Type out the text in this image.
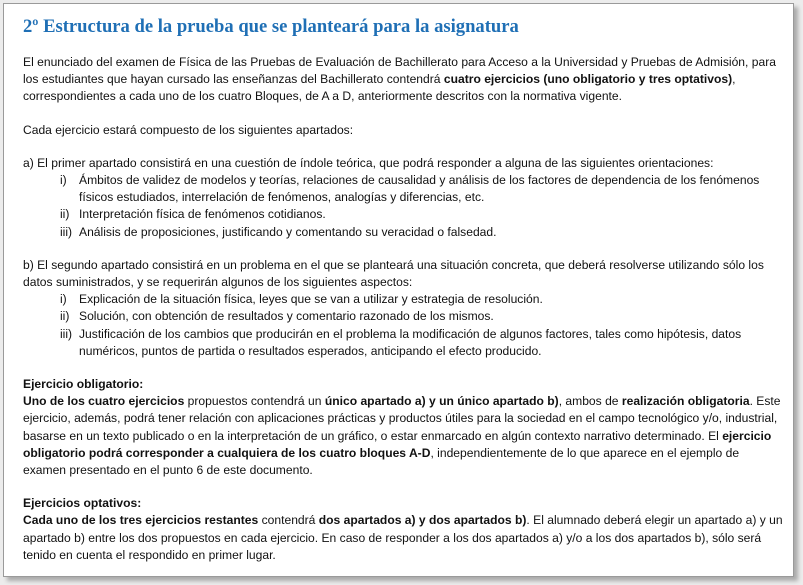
2º Estructura de la prueba que se planteará para la asignatura

El enunciado del examen de Física de las Pruebas de Evaluación de Bachillerato para Acceso a la Universidad y Pruebas de Admisión, para los estudiantes que hayan cursado las enseñanzas del Bachillerato contendrá cuatro ejercicios (uno obligatorio y tres optativos), correspondientes a cada uno de los cuatro Bloques, de A a D, anteriormente descritos con la normativa vigente.

Cada ejercicio estará compuesto de los siguientes apartados:

a) El primer apartado consistirá en una cuestión de índole teórica, que podrá responder a alguna de las siguientes orientaciones:

i)	Ámbitos de validez de modelos y teorías, relaciones de causalidad y análisis de los factores de dependencia de los fenómenos físicos estudiados, interrelación de fenómenos, analogías y diferencias, etc.
ii) Interpretación física de fenómenos cotidianos.
iii) Análisis de proposiciones, justificando y comentando su veracidad o falsedad.

b) El segundo apartado consistirá en un problema en el que se planteará una situación concreta, que deberá resolverse utilizando sólo los datos suministrados, y se requerirán algunos de los siguientes aspectos:

i)	Explicación de la situación física, leyes que se van a utilizar y estrategia de resolución.
ii) Solución, con obtención de resultados y comentario razonado de los mismos.
iii) Justificación de los cambios que producirán en el problema la modificación de algunos factores, tales como hipótesis, datos numéricos, puntos de partida o resultados esperados, anticipando el efecto producido.

Ejercicio obligatorio:

Uno de los cuatro ejercicios propuestos contendrá un único apartado a) y un único apartado b), ambos de realización obligatoria. Este ejercicio, además, podrá tener relación con aplicaciones prácticas y productos útiles para la sociedad en el campo tecnológico y/o, industrial, basarse en un texto publicado o en la interpretación de un gráfico, o estar enmarcado en algún contexto narrativo determinado. El ejercicio obligatorio podrá corresponder a cualquiera de los cuatro bloques A-D, independientemente de lo que aparece en el ejemplo de examen presentado en el punto 6 de este documento.

Ejercicios optativos:

Cada uno de los tres ejercicios restantes contendrá dos apartados a) y dos apartados b). El alumnado deberá elegir un apartado a) y un apartado b) entre los dos propuestos en cada ejercicio. En caso de responder a los dos apartados a) y/o a los dos apartados b), sólo será tenido en cuenta el respondido en primer lugar.
